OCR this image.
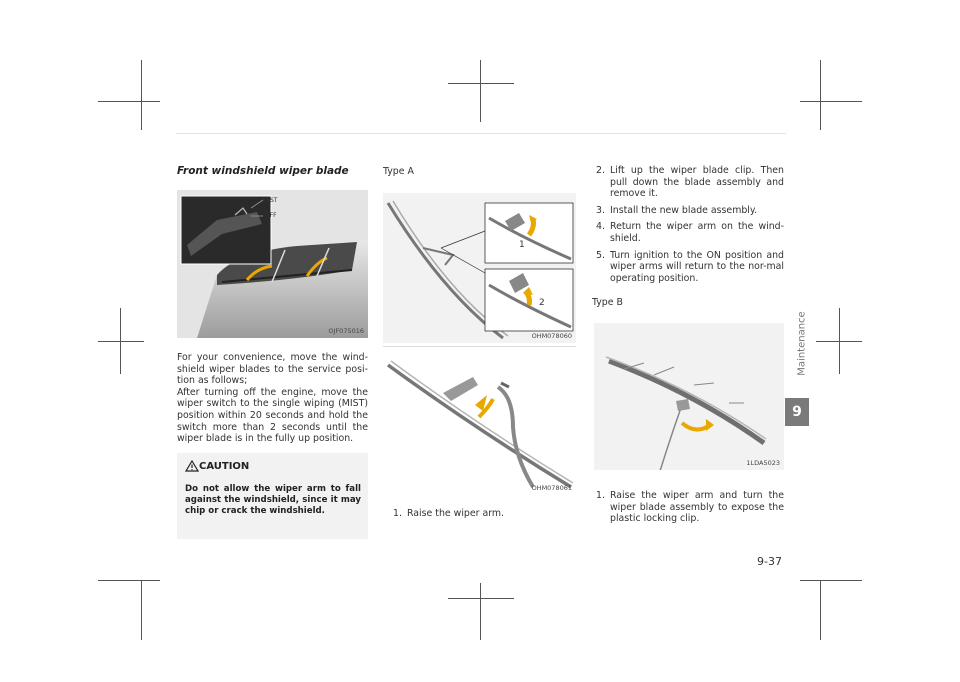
Front windshield wiper blade
MIST
OFF
OJF075016

For your convenience, move the wind-shield wiper blades to the service posi-tion as follows;

After turning off the engine, move the wiper switch to the single wiping (MIST) position within 20 seconds and hold the switch more than 2 seconds until the wiper blade is in the fully up position.

CAUTION
Do not allow the wiper arm to fall against the windshield, since it may chip or crack the windshield.
Type A
1
2
OHM078060
OHM078061
1. Raise the wiper arm.
2. Lift up the wiper blade clip. Then pull down the blade assembly and remove it.
3. Install the new blade assembly.
4. Return the wiper arm on the wind-shield.
5. Turn ignition to the ON position and wiper arms will return to the nor-mal operating position.
Type B
1LDA5023
1. Raise the wiper arm and turn the wiper blade assembly to expose the plastic locking clip.
Maintenance
9
9-37
